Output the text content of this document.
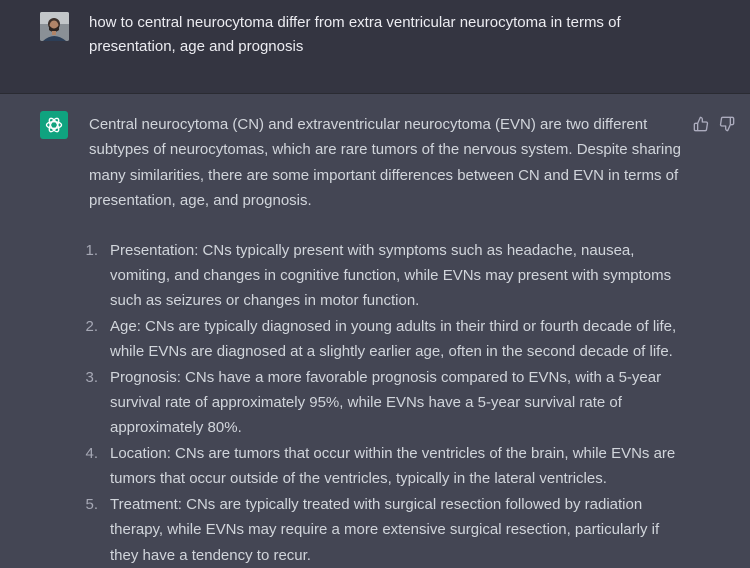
how to central neurocytoma differ from extra ventricular neurocytoma in terms of presentation, age and prognosis

Central neurocytoma (CN) and extraventricular neurocytoma (EVN) are two different subtypes of neurocytomas, which are rare tumors of the nervous system. Despite sharing many similarities, there are some important differences between CN and EVN in terms of presentation, age, and prognosis.

1. Presentation: CNs typically present with symptoms such as headache, nausea, vomiting, and changes in cognitive function, while EVNs may present with symptoms such as seizures or changes in motor function.
2. Age: CNs are typically diagnosed in young adults in their third or fourth decade of life, while EVNs are diagnosed at a slightly earlier age, often in the second decade of life.
3. Prognosis: CNs have a more favorable prognosis compared to EVNs, with a 5-year survival rate of approximately 95%, while EVNs have a 5-year survival rate of approximately 80%.
4. Location: CNs are tumors that occur within the ventricles of the brain, while EVNs are tumors that occur outside of the ventricles, typically in the lateral ventricles.
5. Treatment: CNs are typically treated with surgical resection followed by radiation therapy, while EVNs may require a more extensive surgical resection, particularly if they have a tendency to recur.
